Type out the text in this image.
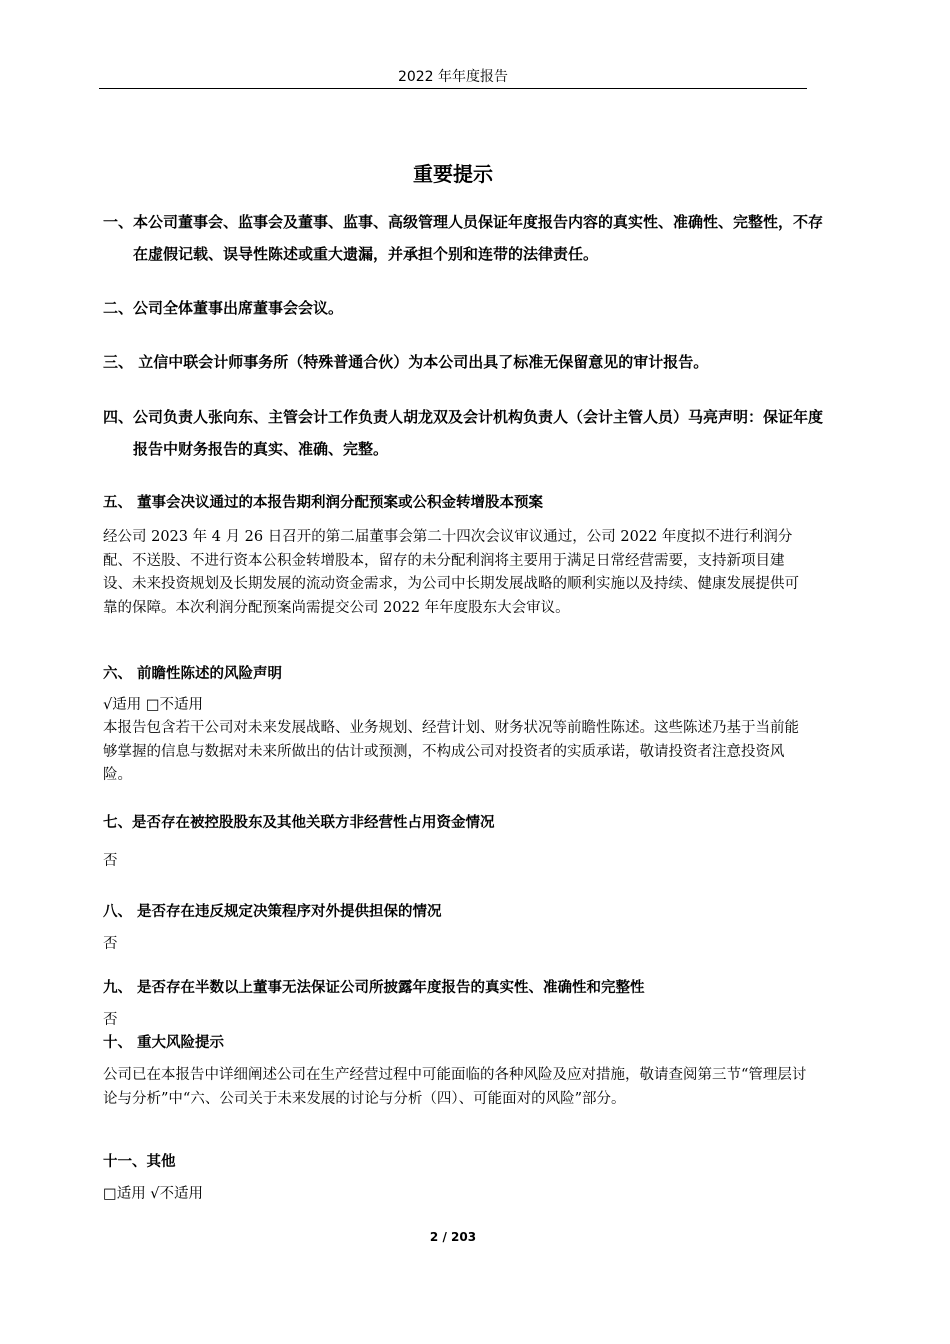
2022 年年度报告
重要提示
一、本公司董事会、监事会及董事、监事、高级管理人员保证年度报告内容的真实性、准确性、完整性，不存在虚假记载、误导性陈述或重大遗漏，并承担个别和连带的法律责任。
二、公司全体董事出席董事会会议。
三、 立信中联会计师事务所（特殊普通合伙）为本公司出具了标准无保留意见的审计报告。
四、公司负责人张向东、主管会计工作负责人胡龙双及会计机构负责人（会计主管人员）马亮声明：保证年度报告中财务报告的真实、准确、完整。
五、 董事会决议通过的本报告期利润分配预案或公积金转增股本预案
经公司 2023 年 4 月 26 日召开的第二届董事会第二十四次会议审议通过，公司 2022 年度拟不进行利润分配、不送股、不进行资本公积金转增股本，留存的未分配利润将主要用于满足日常经营需要，支持新项目建设、未来投资规划及长期发展的流动资金需求，为公司中长期发展战略的顺利实施以及持续、健康发展提供可靠的保障。本次利润分配预案尚需提交公司 2022 年年度股东大会审议。
六、 前瞻性陈述的风险声明
√适用 □不适用
本报告包含若干公司对未来发展战略、业务规划、经营计划、财务状况等前瞻性陈述。这些陈述乃基于当前能够掌握的信息与数据对未来所做出的估计或预测，不构成公司对投资者的实质承诺，敬请投资者注意投资风险。
七、是否存在被控股股东及其他关联方非经营性占用资金情况
否
八、 是否存在违反规定决策程序对外提供担保的情况
否
九、 是否存在半数以上董事无法保证公司所披露年度报告的真实性、准确性和完整性
否
十、 重大风险提示
公司已在本报告中详细阐述公司在生产经营过程中可能面临的各种风险及应对措施，敬请查阅第三节“管理层讨论与分析”中“六、公司关于未来发展的讨论与分析（四）、可能面对的风险”部分。
十一、其他
□适用 √不适用
2 / 203
